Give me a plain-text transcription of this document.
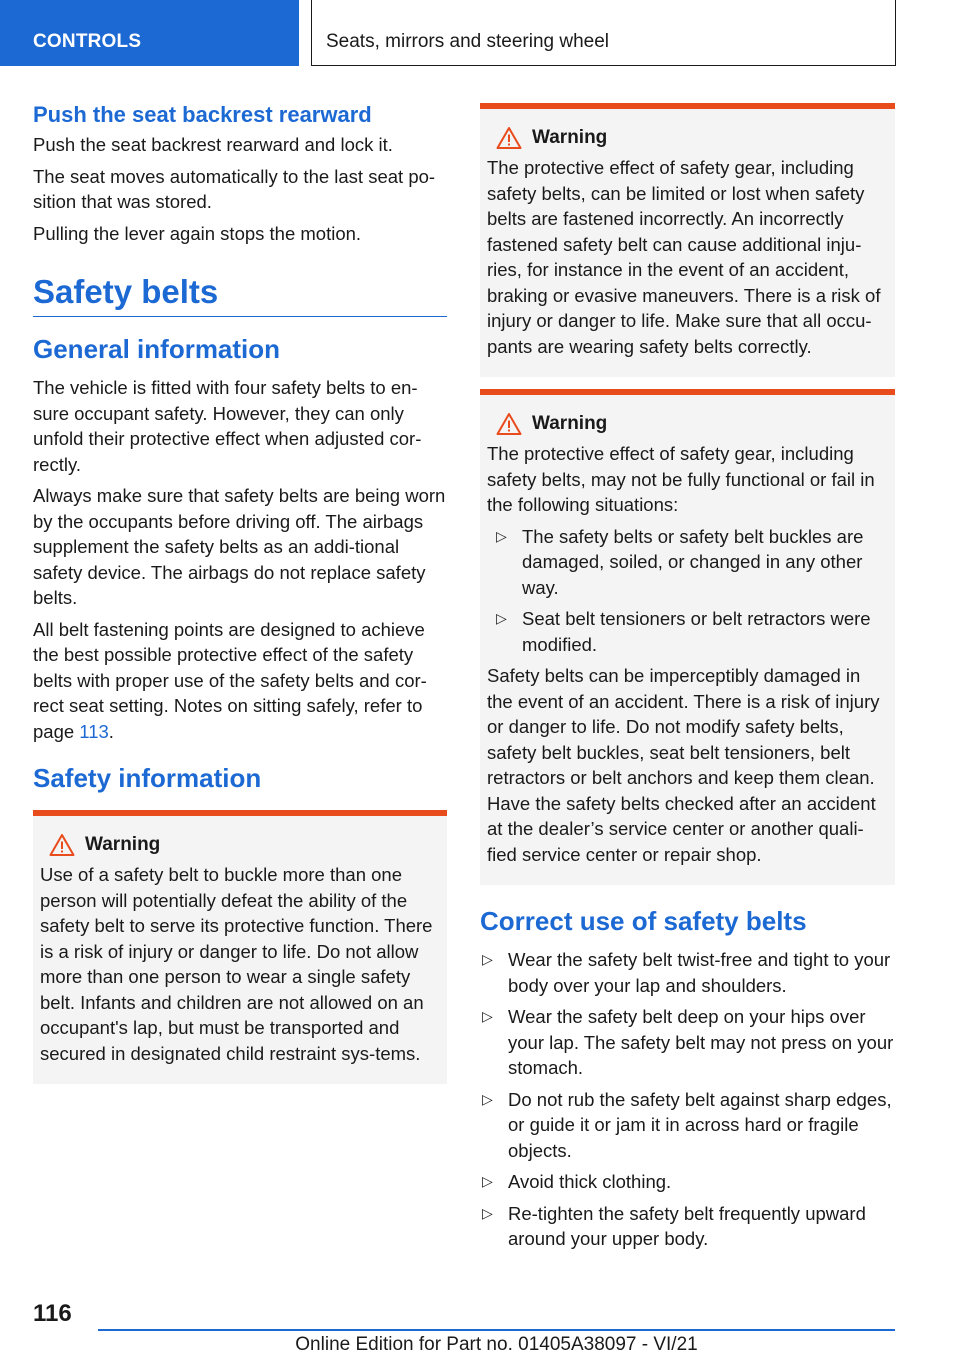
CONTROLS	Seats, mirrors and steering wheel
Push the seat backrest rearward

Push the seat backrest rearward and lock it.

The seat moves automatically to the last seat po‐sition that was stored.

Pulling the lever again stops the motion.

Safety belts
General information

The vehicle is fitted with four safety belts to en‐sure occupant safety. However, they can only unfold their protective effect when adjusted cor‐rectly.

Always make sure that safety belts are being worn by the occupants before driving off. The airbags supplement the safety belts as an addi‐tional safety device. The airbags do not replace safety belts.

All belt fastening points are designed to achieve the best possible protective effect of the safety belts with proper use of the safety belts and cor‐rect seat setting. Notes on sitting safely, refer to page 113.

Safety information
Warning

Use of a safety belt to buckle more than one person will potentially defeat the ability of the safety belt to serve its protective function. There is a risk of injury or danger to life. Do not allow more than one person to wear a single safety belt. Infants and children are not allowed on an occupant's lap, but must be transported and secured in designated child restraint sys‐tems.

Warning

The protective effect of safety gear, including safety belts, can be limited or lost when safety belts are fastened incorrectly. An incorrectly fastened safety belt can cause additional inju‐ries, for instance in the event of an accident, braking or evasive maneuvers. There is a risk of injury or danger to life. Make sure that all occu‐pants are wearing safety belts correctly.

Warning

The protective effect of safety gear, including safety belts, may not be fully functional or fail in the following situations:

▷ The safety belts or safety belt buckles are damaged, soiled, or changed in any other way.
▷ Seat belt tensioners or belt retractors were modified.

Safety belts can be imperceptibly damaged in the event of an accident. There is a risk of injury or danger to life. Do not modify safety belts, safety belt buckles, seat belt tensioners, belt retractors or belt anchors and keep them clean. Have the safety belts checked after an accident at the dealer’s service center or another quali‐fied service center or repair shop.

Correct use of safety belts
▷ Wear the safety belt twist-free and tight to your body over your lap and shoulders.
▷ Wear the safety belt deep on your hips over your lap. The safety belt may not press on your stomach.
▷ Do not rub the safety belt against sharp edges, or guide it or jam it in across hard or fragile objects.
▷ Avoid thick clothing.
▷ Re-tighten the safety belt frequently upward around your upper body.
116
Online Edition for Part no. 01405A38097 - VI/21
